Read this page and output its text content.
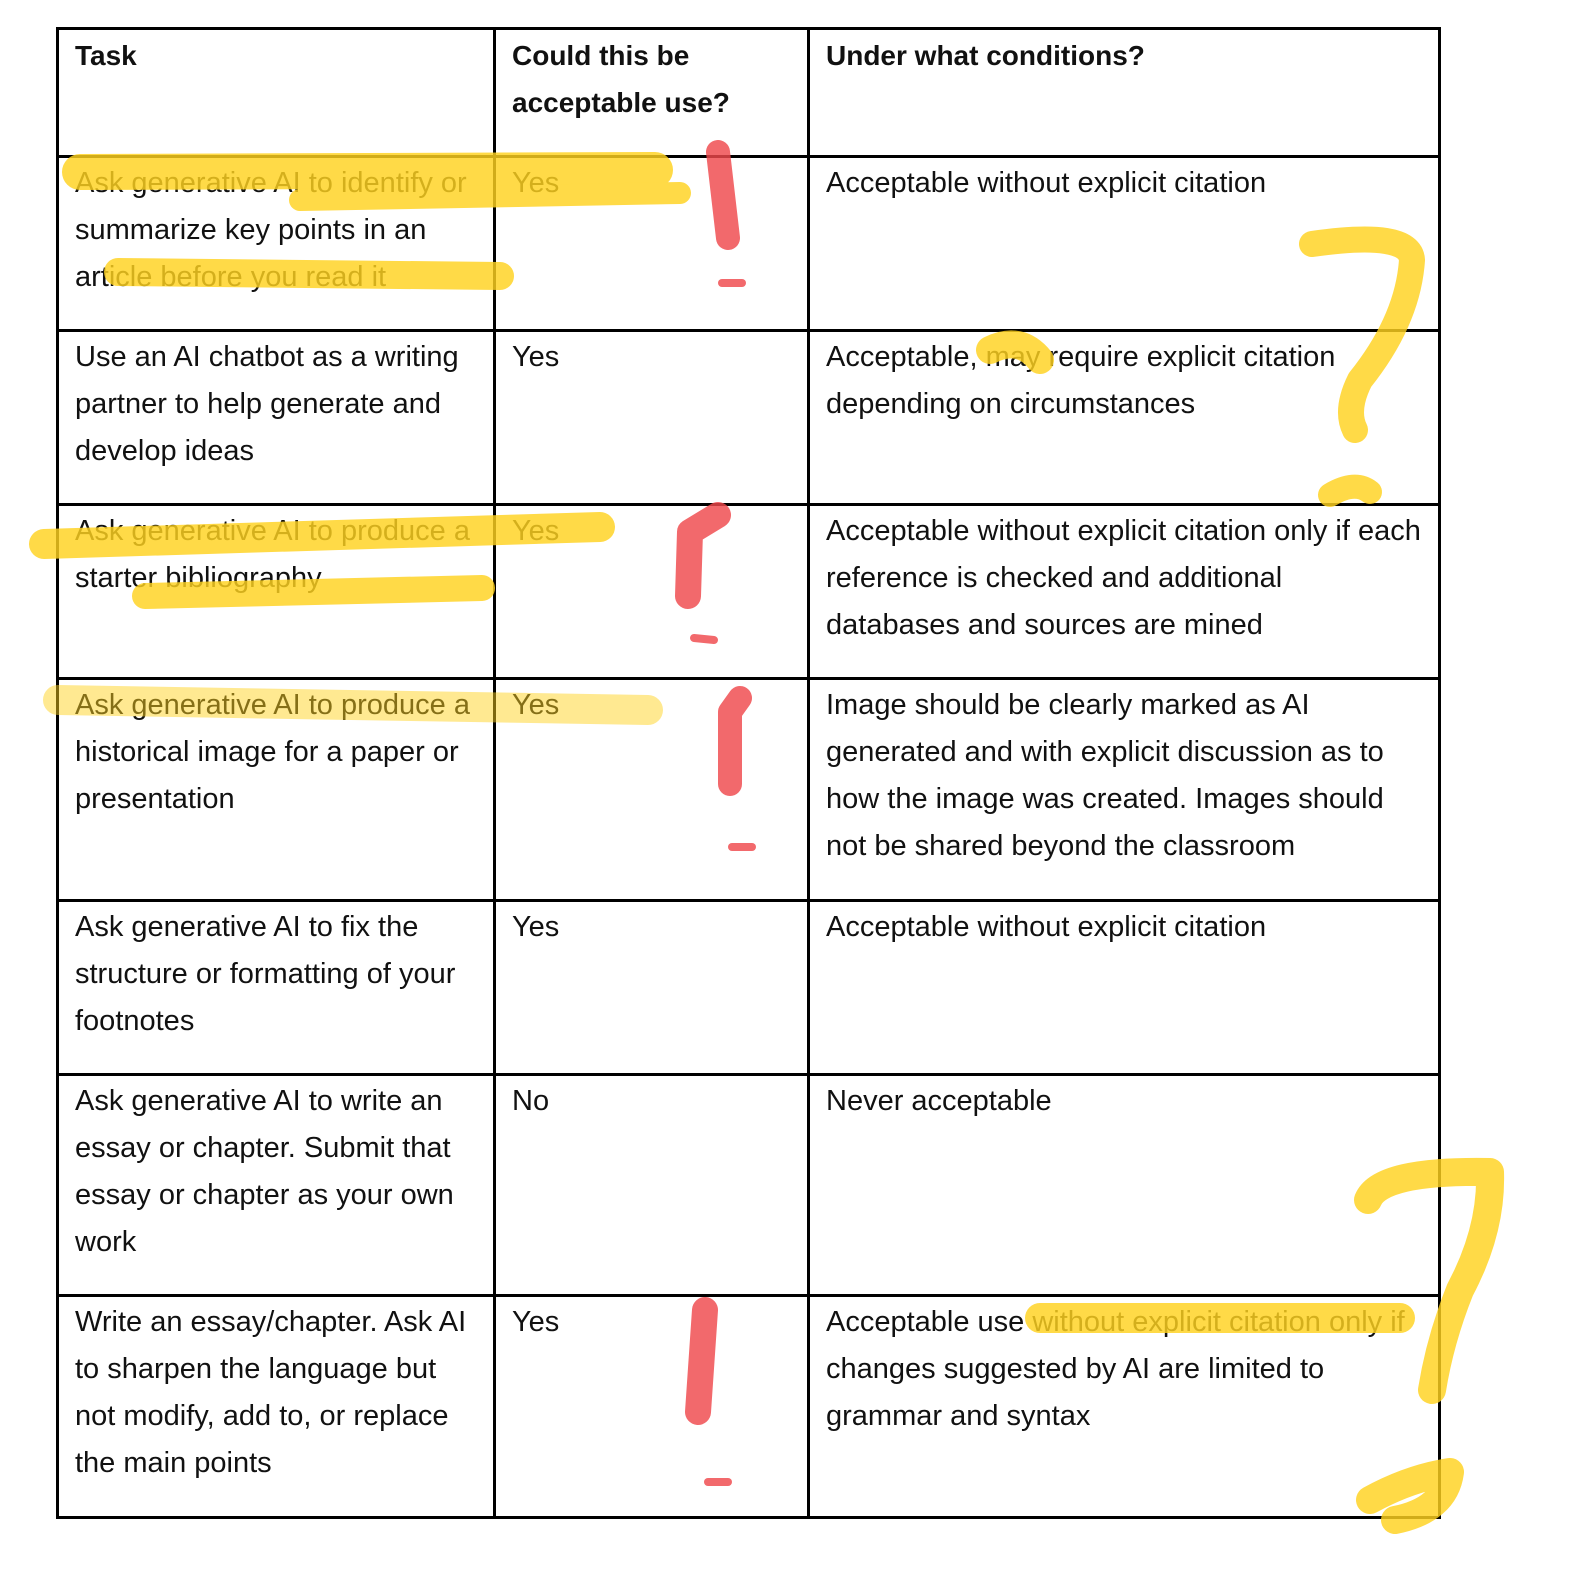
Task	Could this be acceptable use?	Under what conditions?
Ask generative AI to identify or summarize key points in an article before you read it	Yes	Acceptable without explicit citation
Use an AI chatbot as a writing partner to help generate and develop ideas	Yes	Acceptable, may require explicit citation depending on circumstances
Ask generative AI to produce a starter bibliography	Yes	Acceptable without explicit citation only if each reference is checked and additional databases and sources are mined
Ask generative AI to produce a historical image for a paper or presentation	Yes	Image should be clearly marked as AI generated and with explicit discussion as to how the image was created. Images should not be shared beyond the classroom
Ask generative AI to fix the structure or formatting of your footnotes	Yes	Acceptable without explicit citation
Ask generative AI to write an essay or chapter. Submit that essay or chapter as your own work	No	Never acceptable
Write an essay/chapter. Ask AI to sharpen the language but not modify, add to, or replace the main points	Yes	Acceptable use without explicit citation only if changes suggested by AI are limited to grammar and syntax
